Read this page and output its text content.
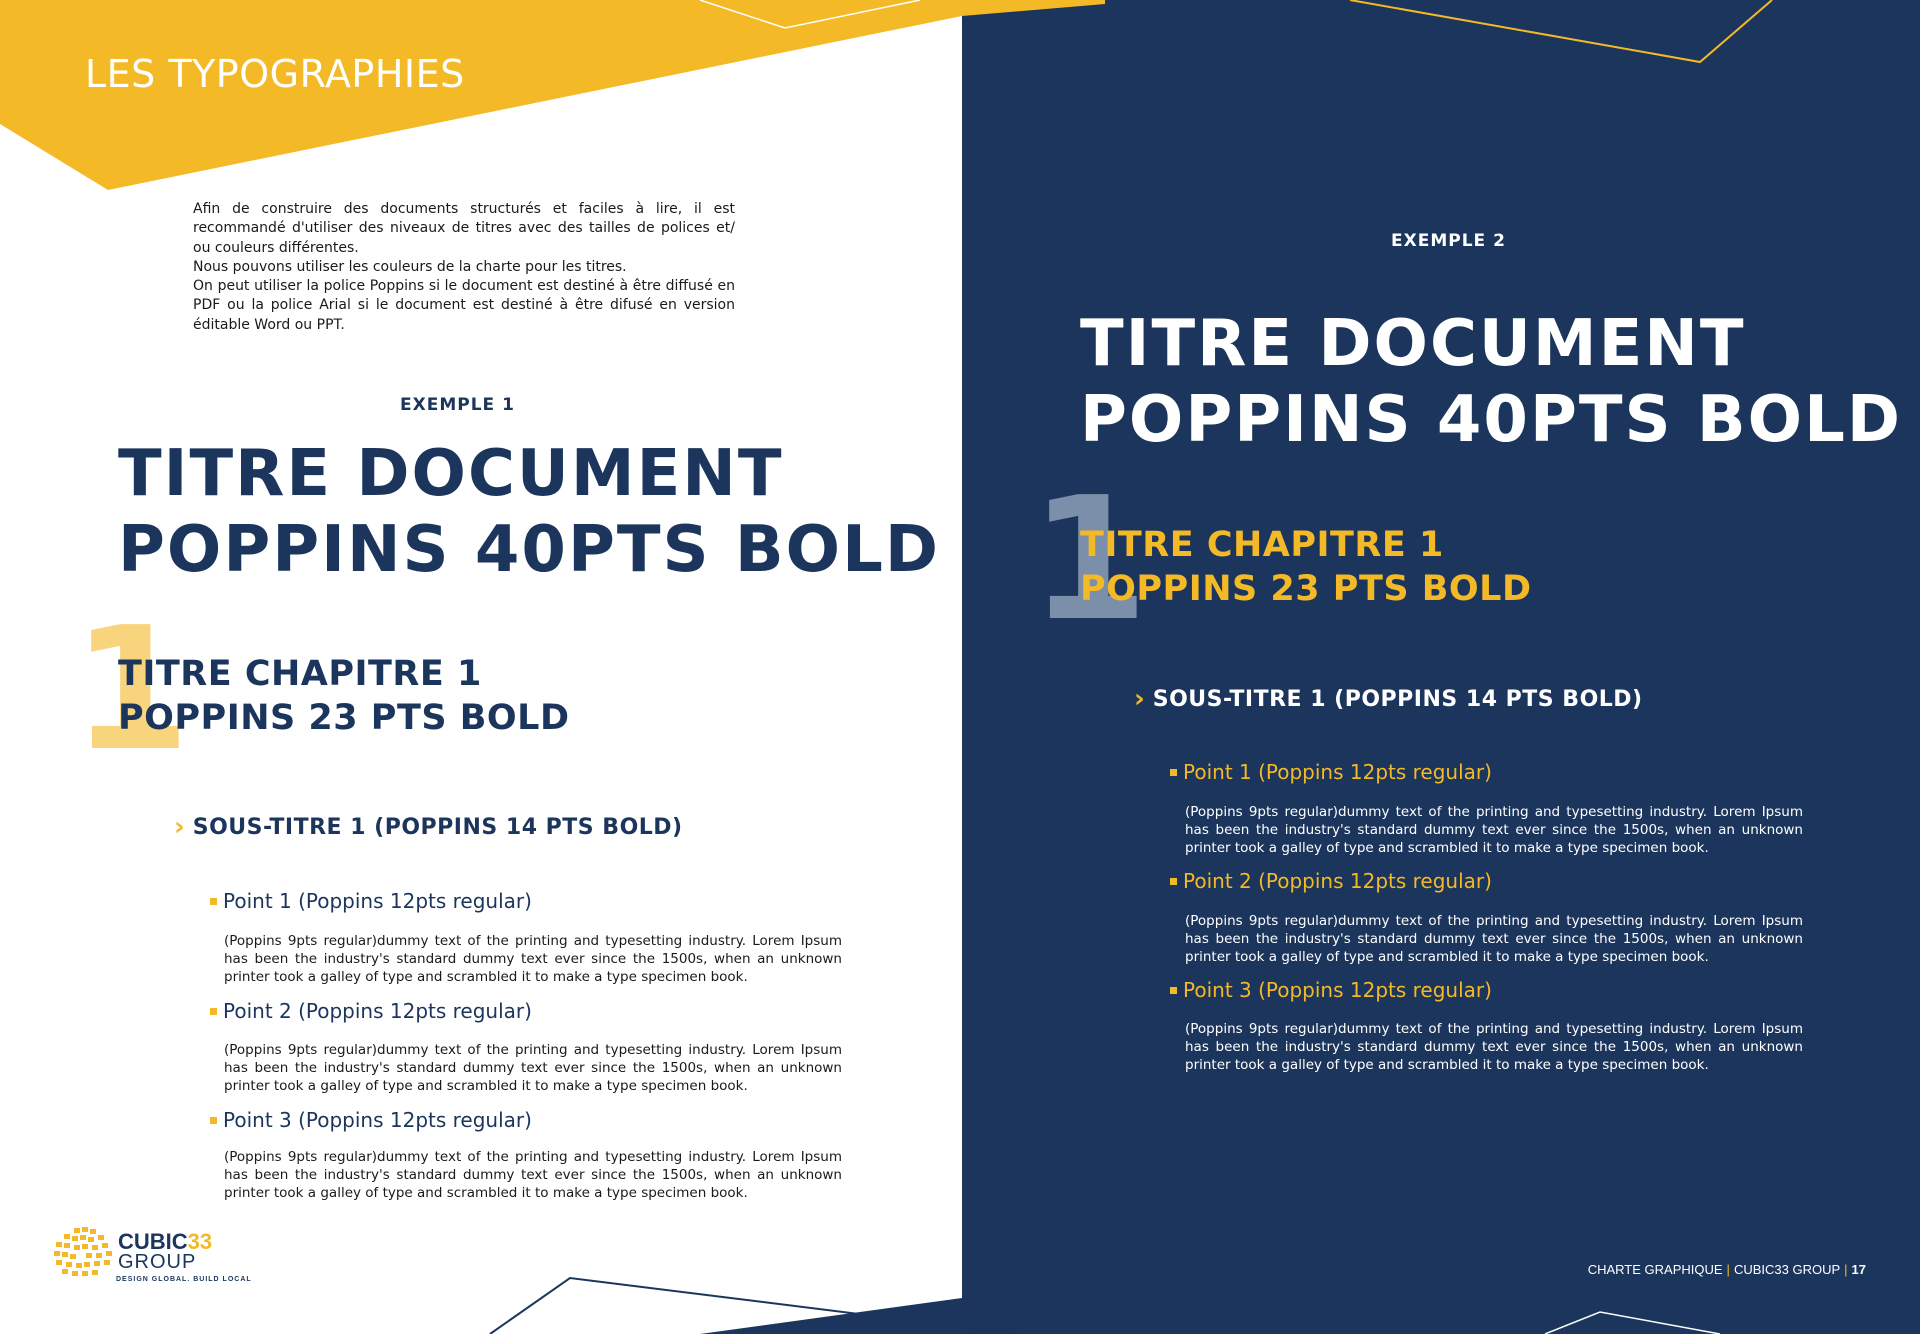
LES TYPOGRAPHIES

Afin de construire des documents structurés et faciles à lire, il est recommandé d'utiliser des niveaux de titres avec des tailles de polices et/ ou couleurs différentes.

Nous pouvons utiliser les couleurs de la charte pour les titres.

On peut utiliser la police Poppins si le document est destiné à être diffusé en PDF ou la police Arial si le document est destiné à être difusé en version éditable Word ou PPT.

EXEMPLE 1
TITRE DOCUMENT
POPPINS 40PTS BOLD
1
TITRE CHAPITRE 1
POPPINS 23 PTS BOLD
› SOUS-TITRE 1 (POPPINS 14 PTS BOLD)
Point 1 (Poppins 12pts regular)

(Poppins 9pts regular)dummy text of the printing and typesetting industry. Lorem Ipsum has been the industry's standard dummy text ever since the 1500s, when an unknown printer took a galley of type and scrambled it to make a type specimen book.

Point 2 (Poppins 12pts regular)

(Poppins 9pts regular)dummy text of the printing and typesetting industry. Lorem Ipsum has been the industry's standard dummy text ever since the 1500s, when an unknown printer took a galley of type and scrambled it to make a type specimen book.

Point 3 (Poppins 12pts regular)

(Poppins 9pts regular)dummy text of the printing and typesetting industry. Lorem Ipsum has been the industry's standard dummy text ever since the 1500s, when an unknown printer took a galley of type and scrambled it to make a type specimen book.

EXEMPLE 2
TITRE DOCUMENT
POPPINS 40PTS BOLD
1
TITRE CHAPITRE 1
POPPINS 23 PTS BOLD
› SOUS-TITRE 1 (POPPINS 14 PTS BOLD)
Point 1 (Poppins 12pts regular)

(Poppins 9pts regular)dummy text of the printing and typesetting industry. Lorem Ipsum has been the industry's standard dummy text ever since the 1500s, when an unknown printer took a galley of type and scrambled it to make a type specimen book.

Point 2 (Poppins 12pts regular)

(Poppins 9pts regular)dummy text of the printing and typesetting industry. Lorem Ipsum has been the industry's standard dummy text ever since the 1500s, when an unknown printer took a galley of type and scrambled it to make a type specimen book.

Point 3 (Poppins 12pts regular)

(Poppins 9pts regular)dummy text of the printing and typesetting industry. Lorem Ipsum has been the industry's standard dummy text ever since the 1500s, when an unknown printer took a galley of type and scrambled it to make a type specimen book.

CUBIC33
GROUP
DESIGN GLOBAL. BUILD LOCAL
CHARTE GRAPHIQUE | CUBIC33 GROUP | 17
